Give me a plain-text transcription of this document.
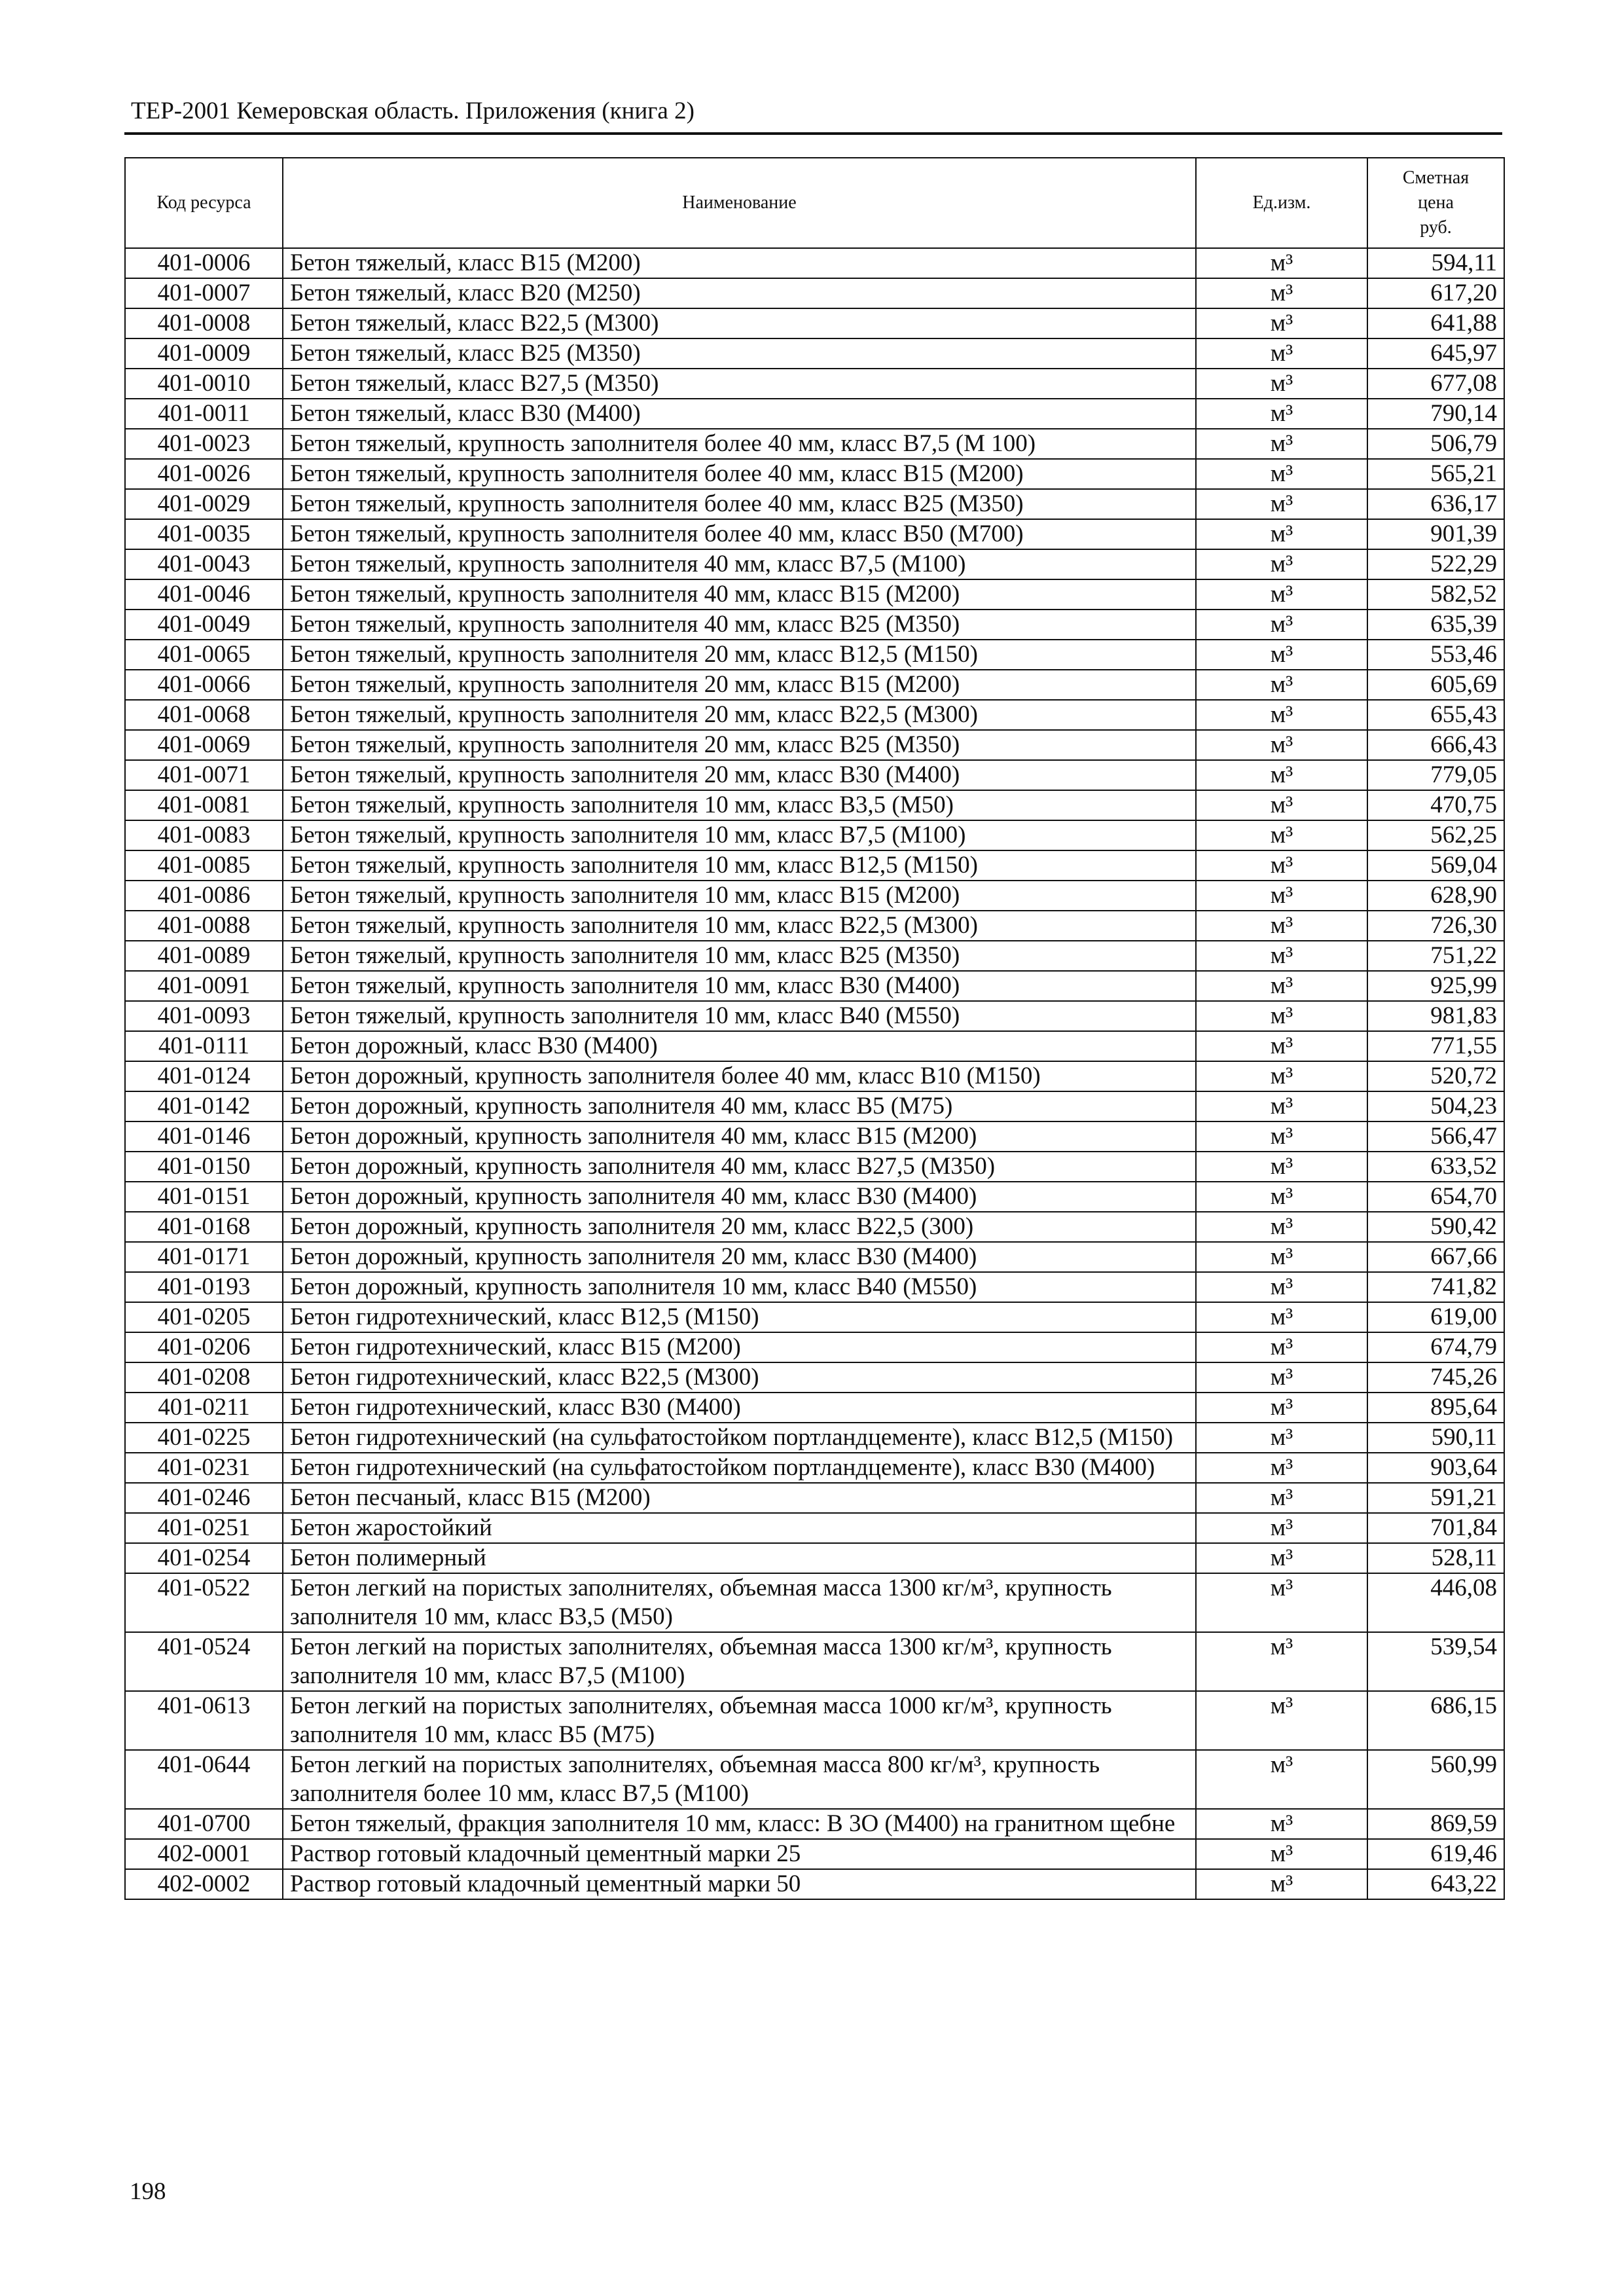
ТЕР-2001 Кемеровская область. Приложения (книга 2)
Код ресурса	Наименование	Ед.изм.	Сметная
цена
руб.
401-0006	Бетон тяжелый, класс В15 (М200)	м³	594,11
401-0007	Бетон тяжелый, класс В20 (М250)	м³	617,20
401-0008	Бетон тяжелый, класс В22,5 (М300)	м³	641,88
401-0009	Бетон тяжелый, класс В25 (М350)	м³	645,97
401-0010	Бетон тяжелый, класс В27,5 (М350)	м³	677,08
401-0011	Бетон тяжелый, класс В30 (М400)	м³	790,14
401-0023	Бетон тяжелый, крупность заполнителя более 40 мм, класс В7,5 (М 100)	м³	506,79
401-0026	Бетон тяжелый, крупность заполнителя более 40 мм, класс В15 (М200)	м³	565,21
401-0029	Бетон тяжелый, крупность заполнителя более 40 мм, класс В25 (М350)	м³	636,17
401-0035	Бетон тяжелый, крупность заполнителя более 40 мм, класс В50 (М700)	м³	901,39
401-0043	Бетон тяжелый, крупность заполнителя 40 мм, класс В7,5 (М100)	м³	522,29
401-0046	Бетон тяжелый, крупность заполнителя 40 мм, класс В15 (М200)	м³	582,52
401-0049	Бетон тяжелый, крупность заполнителя 40 мм, класс В25 (М350)	м³	635,39
401-0065	Бетон тяжелый, крупность заполнителя 20 мм, класс В12,5 (М150)	м³	553,46
401-0066	Бетон тяжелый, крупность заполнителя 20 мм, класс В15 (М200)	м³	605,69
401-0068	Бетон тяжелый, крупность заполнителя 20 мм, класс В22,5 (М300)	м³	655,43
401-0069	Бетон тяжелый, крупность заполнителя 20 мм, класс В25 (М350)	м³	666,43
401-0071	Бетон тяжелый, крупность заполнителя 20 мм, класс В30 (М400)	м³	779,05
401-0081	Бетон тяжелый, крупность заполнителя 10 мм, класс В3,5 (М50)	м³	470,75
401-0083	Бетон тяжелый, крупность заполнителя 10 мм, класс В7,5 (М100)	м³	562,25
401-0085	Бетон тяжелый, крупность заполнителя 10 мм, класс В12,5 (М150)	м³	569,04
401-0086	Бетон тяжелый, крупность заполнителя 10 мм, класс В15 (М200)	м³	628,90
401-0088	Бетон тяжелый, крупность заполнителя 10 мм, класс В22,5 (М300)	м³	726,30
401-0089	Бетон тяжелый, крупность заполнителя 10 мм, класс В25 (М350)	м³	751,22
401-0091	Бетон тяжелый, крупность заполнителя 10 мм, класс В30 (М400)	м³	925,99
401-0093	Бетон тяжелый, крупность заполнителя 10 мм, класс В40 (М550)	м³	981,83
401-0111	Бетон дорожный, класс В30 (М400)	м³	771,55
401-0124	Бетон дорожный, крупность заполнителя более 40 мм, класс В10 (М150)	м³	520,72
401-0142	Бетон дорожный, крупность заполнителя 40 мм, класс В5 (М75)	м³	504,23
401-0146	Бетон дорожный, крупность заполнителя 40 мм, класс В15 (М200)	м³	566,47
401-0150	Бетон дорожный, крупность заполнителя 40 мм, класс В27,5 (М350)	м³	633,52
401-0151	Бетон дорожный, крупность заполнителя 40 мм, класс В30 (М400)	м³	654,70
401-0168	Бетон дорожный, крупность заполнителя 20 мм, класс В22,5 (300)	м³	590,42
401-0171	Бетон дорожный, крупность заполнителя 20 мм, класс В30 (М400)	м³	667,66
401-0193	Бетон дорожный, крупность заполнителя 10 мм, класс В40 (М550)	м³	741,82
401-0205	Бетон гидротехнический, класс В12,5 (М150)	м³	619,00
401-0206	Бетон гидротехнический, класс В15 (М200)	м³	674,79
401-0208	Бетон гидротехнический, класс В22,5 (М300)	м³	745,26
401-0211	Бетон гидротехнический, класс В30 (М400)	м³	895,64
401-0225	Бетон гидротехнический (на сульфатостойком портландцементе), класс В12,5 (М150)	м³	590,11
401-0231	Бетон гидротехнический (на сульфатостойком портландцементе), класс В30 (М400)	м³	903,64
401-0246	Бетон песчаный, класс В15 (М200)	м³	591,21
401-0251	Бетон жаростойкий	м³	701,84
401-0254	Бетон полимерный	м³	528,11
401-0522	Бетон легкий на пористых заполнителях, объемная масса 1300 кг/м³, крупность заполнителя 10 мм, класс В3,5 (М50)	м³	446,08
401-0524	Бетон легкий на пористых заполнителях, объемная масса 1300 кг/м³, крупность заполнителя 10 мм, класс В7,5 (М100)	м³	539,54
401-0613	Бетон легкий на пористых заполнителях, объемная масса 1000 кг/м³, крупность заполнителя 10 мм, класс В5 (М75)	м³	686,15
401-0644	Бетон легкий на пористых заполнителях, объемная масса 800 кг/м³, крупность заполнителя более 10 мм, класс В7,5 (М100)	м³	560,99
401-0700	Бетон тяжелый, фракция заполнителя 10 мм, класс: В 3О (М400) на гранитном щебне	м³	869,59
402-0001	Раствор готовый кладочный цементный марки 25	м³	619,46
402-0002	Раствор готовый кладочный цементный марки 50	м³	643,22
198
